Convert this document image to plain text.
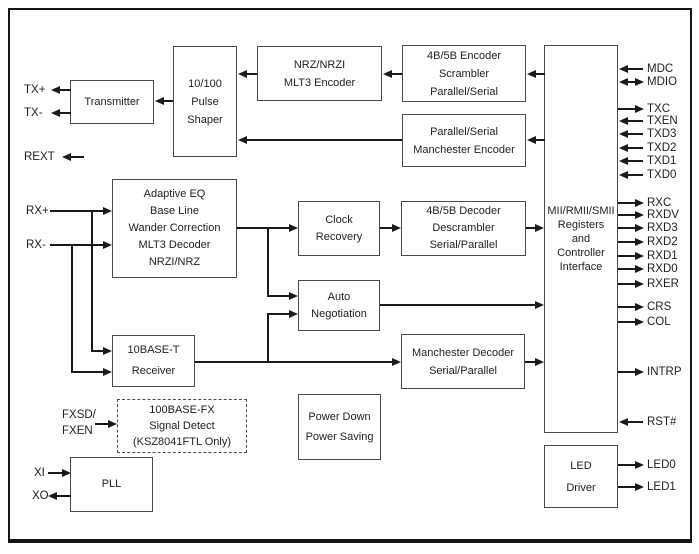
Transmitter
10/100
Pulse
Shaper
NRZ/NRZI
MLT3 Encoder
4B/5B Encoder
Scrambler
Parallel/Serial
Parallel/Serial
Manchester Encoder
Adaptive EQ
Base Line
Wander Correction
MLT3 Decoder
NRZI/NRZ
Clock
Recovery
4B/5B Decoder
Descrambler
Serial/Parallel
Auto
Negotiation
10BASE-T
Receiver
Manchester Decoder
Serial/Parallel
Power Down
Power Saving
100BASE-FX
Signal Detect
(KSZ8041FTL Only)
PLL
MII/RMII/SMII
Registers
and
Controller
Interface
LED
Driver
TX+
TX-
REXT
RX+
RX-
FXSD/
FXEN
XI
XO
MDC
MDIO
TXC
TXEN
TXD3
TXD2
TXD1
TXD0
RXC
RXDV
RXD3
RXD2
RXD1
RXD0
RXER
CRS
COL
INTRP
RST#
LED0
LED1
